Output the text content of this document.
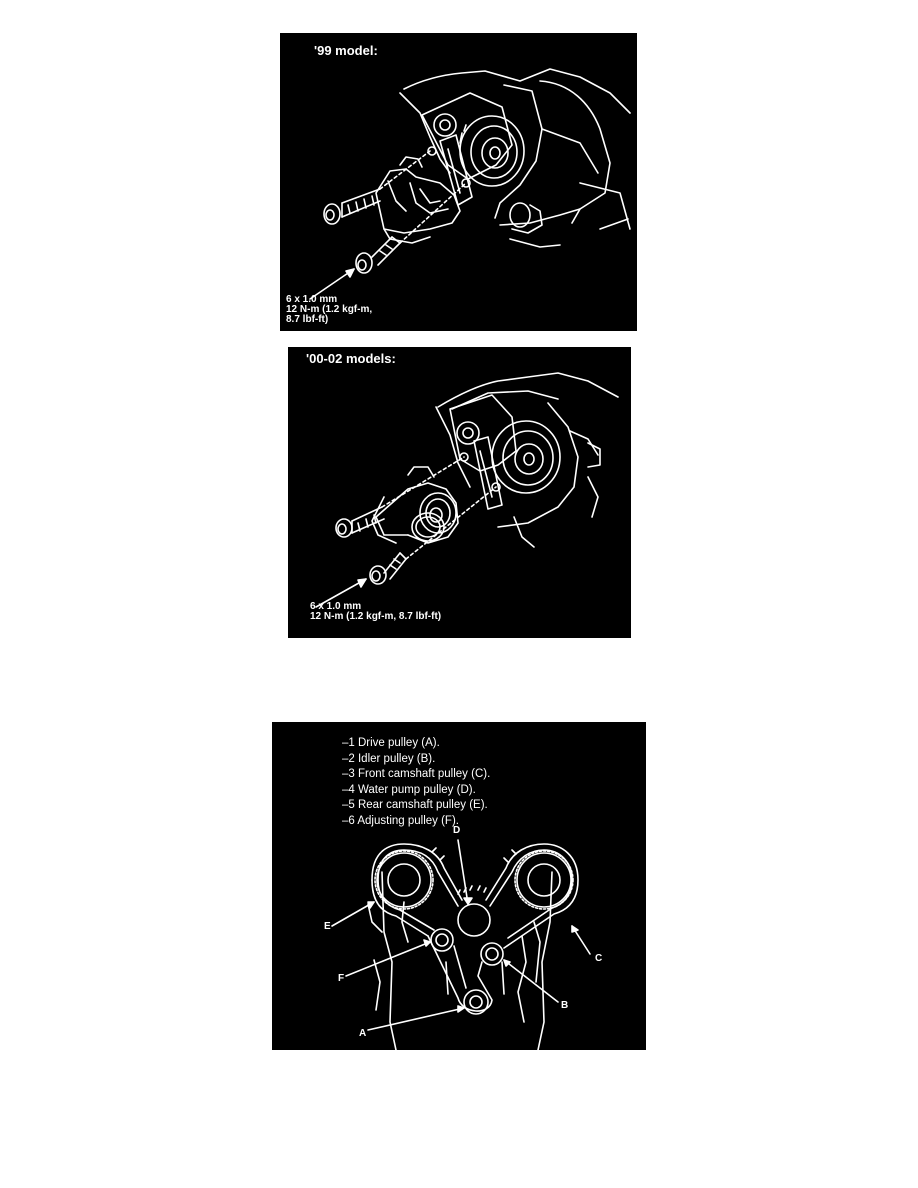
'99 model:
6 x 1.0 mm
12 N-m (1.2 kgf-m,
8.7 lbf-ft)
'00-02 models:
6 x 1.0 mm
12 N-m (1.2 kgf-m, 8.7 lbf-ft)
–1 Drive pulley (A).
–2 Idler pulley (B).
–3 Front camshaft pulley (C).
–4 Water pump pulley (D).
–5 Rear camshaft pulley (E).
–6 Adjusting pulley (F).
D
E
C
F
B
A
